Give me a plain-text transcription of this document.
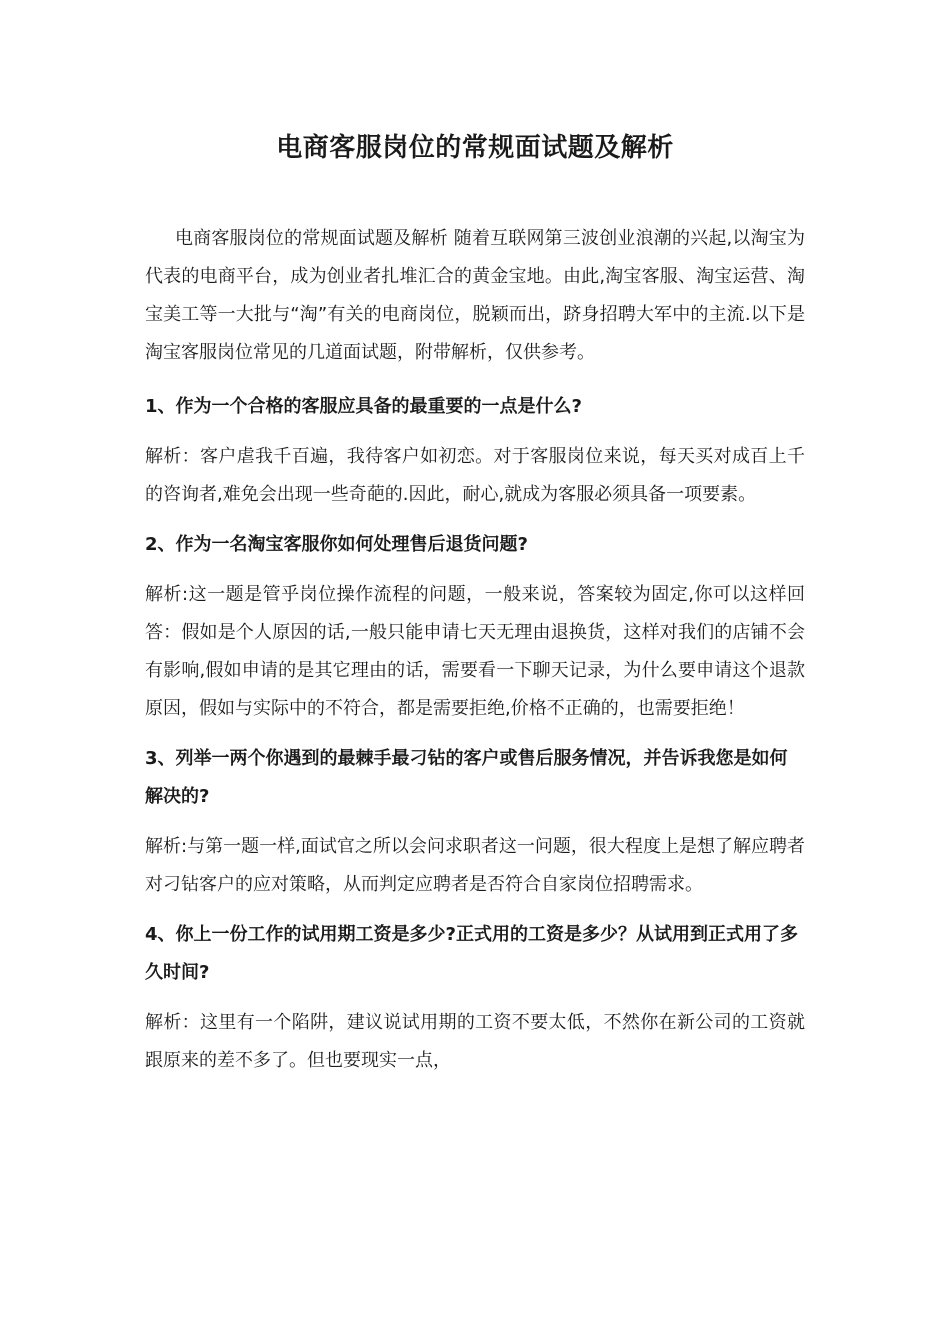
电商客服岗位的常规面试题及解析

电商客服岗位的常规面试题及解析 随着互联网第三波创业浪潮的兴起,以淘宝为代表的电商平台，成为创业者扎堆汇合的黄金宝地。由此,淘宝客服、淘宝运营、淘宝美工等一大批与“淘”有关的电商岗位，脱颖而出，跻身招聘大军中的主流.以下是淘宝客服岗位常见的几道面试题，附带解析，仅供参考。

1、作为一个合格的客服应具备的最重要的一点是什么?

解析：客户虐我千百遍，我待客户如初恋。对于客服岗位来说，每天买对成百上千的咨询者,难免会出现一些奇葩的.因此，耐心,就成为客服必须具备一项要素。

2、作为一名淘宝客服你如何处理售后退货问题?

解析:这一题是管乎岗位操作流程的问题，一般来说，答案较为固定,你可以这样回答：假如是个人原因的话,一般只能申请七天无理由退换货，这样对我们的店铺不会有影响,假如申请的是其它理由的话，需要看一下聊天记录，为什么要申请这个退款原因，假如与实际中的不符合，都是需要拒绝,价格不正确的，也需要拒绝！

3、列举一两个你遇到的最棘手最刁钻的客户或售后服务情况，并告诉我您是如何解决的?

解析:与第一题一样,面试官之所以会问求职者这一问题，很大程度上是想了解应聘者对刁钻客户的应对策略，从而判定应聘者是否符合自家岗位招聘需求。

4、你上一份工作的试用期工资是多少?正式用的工资是多少？从试用到正式用了多久时间?

解析：这里有一个陷阱，建议说试用期的工资不要太低，不然你在新公司的工资就跟原来的差不多了。但也要现实一点，
